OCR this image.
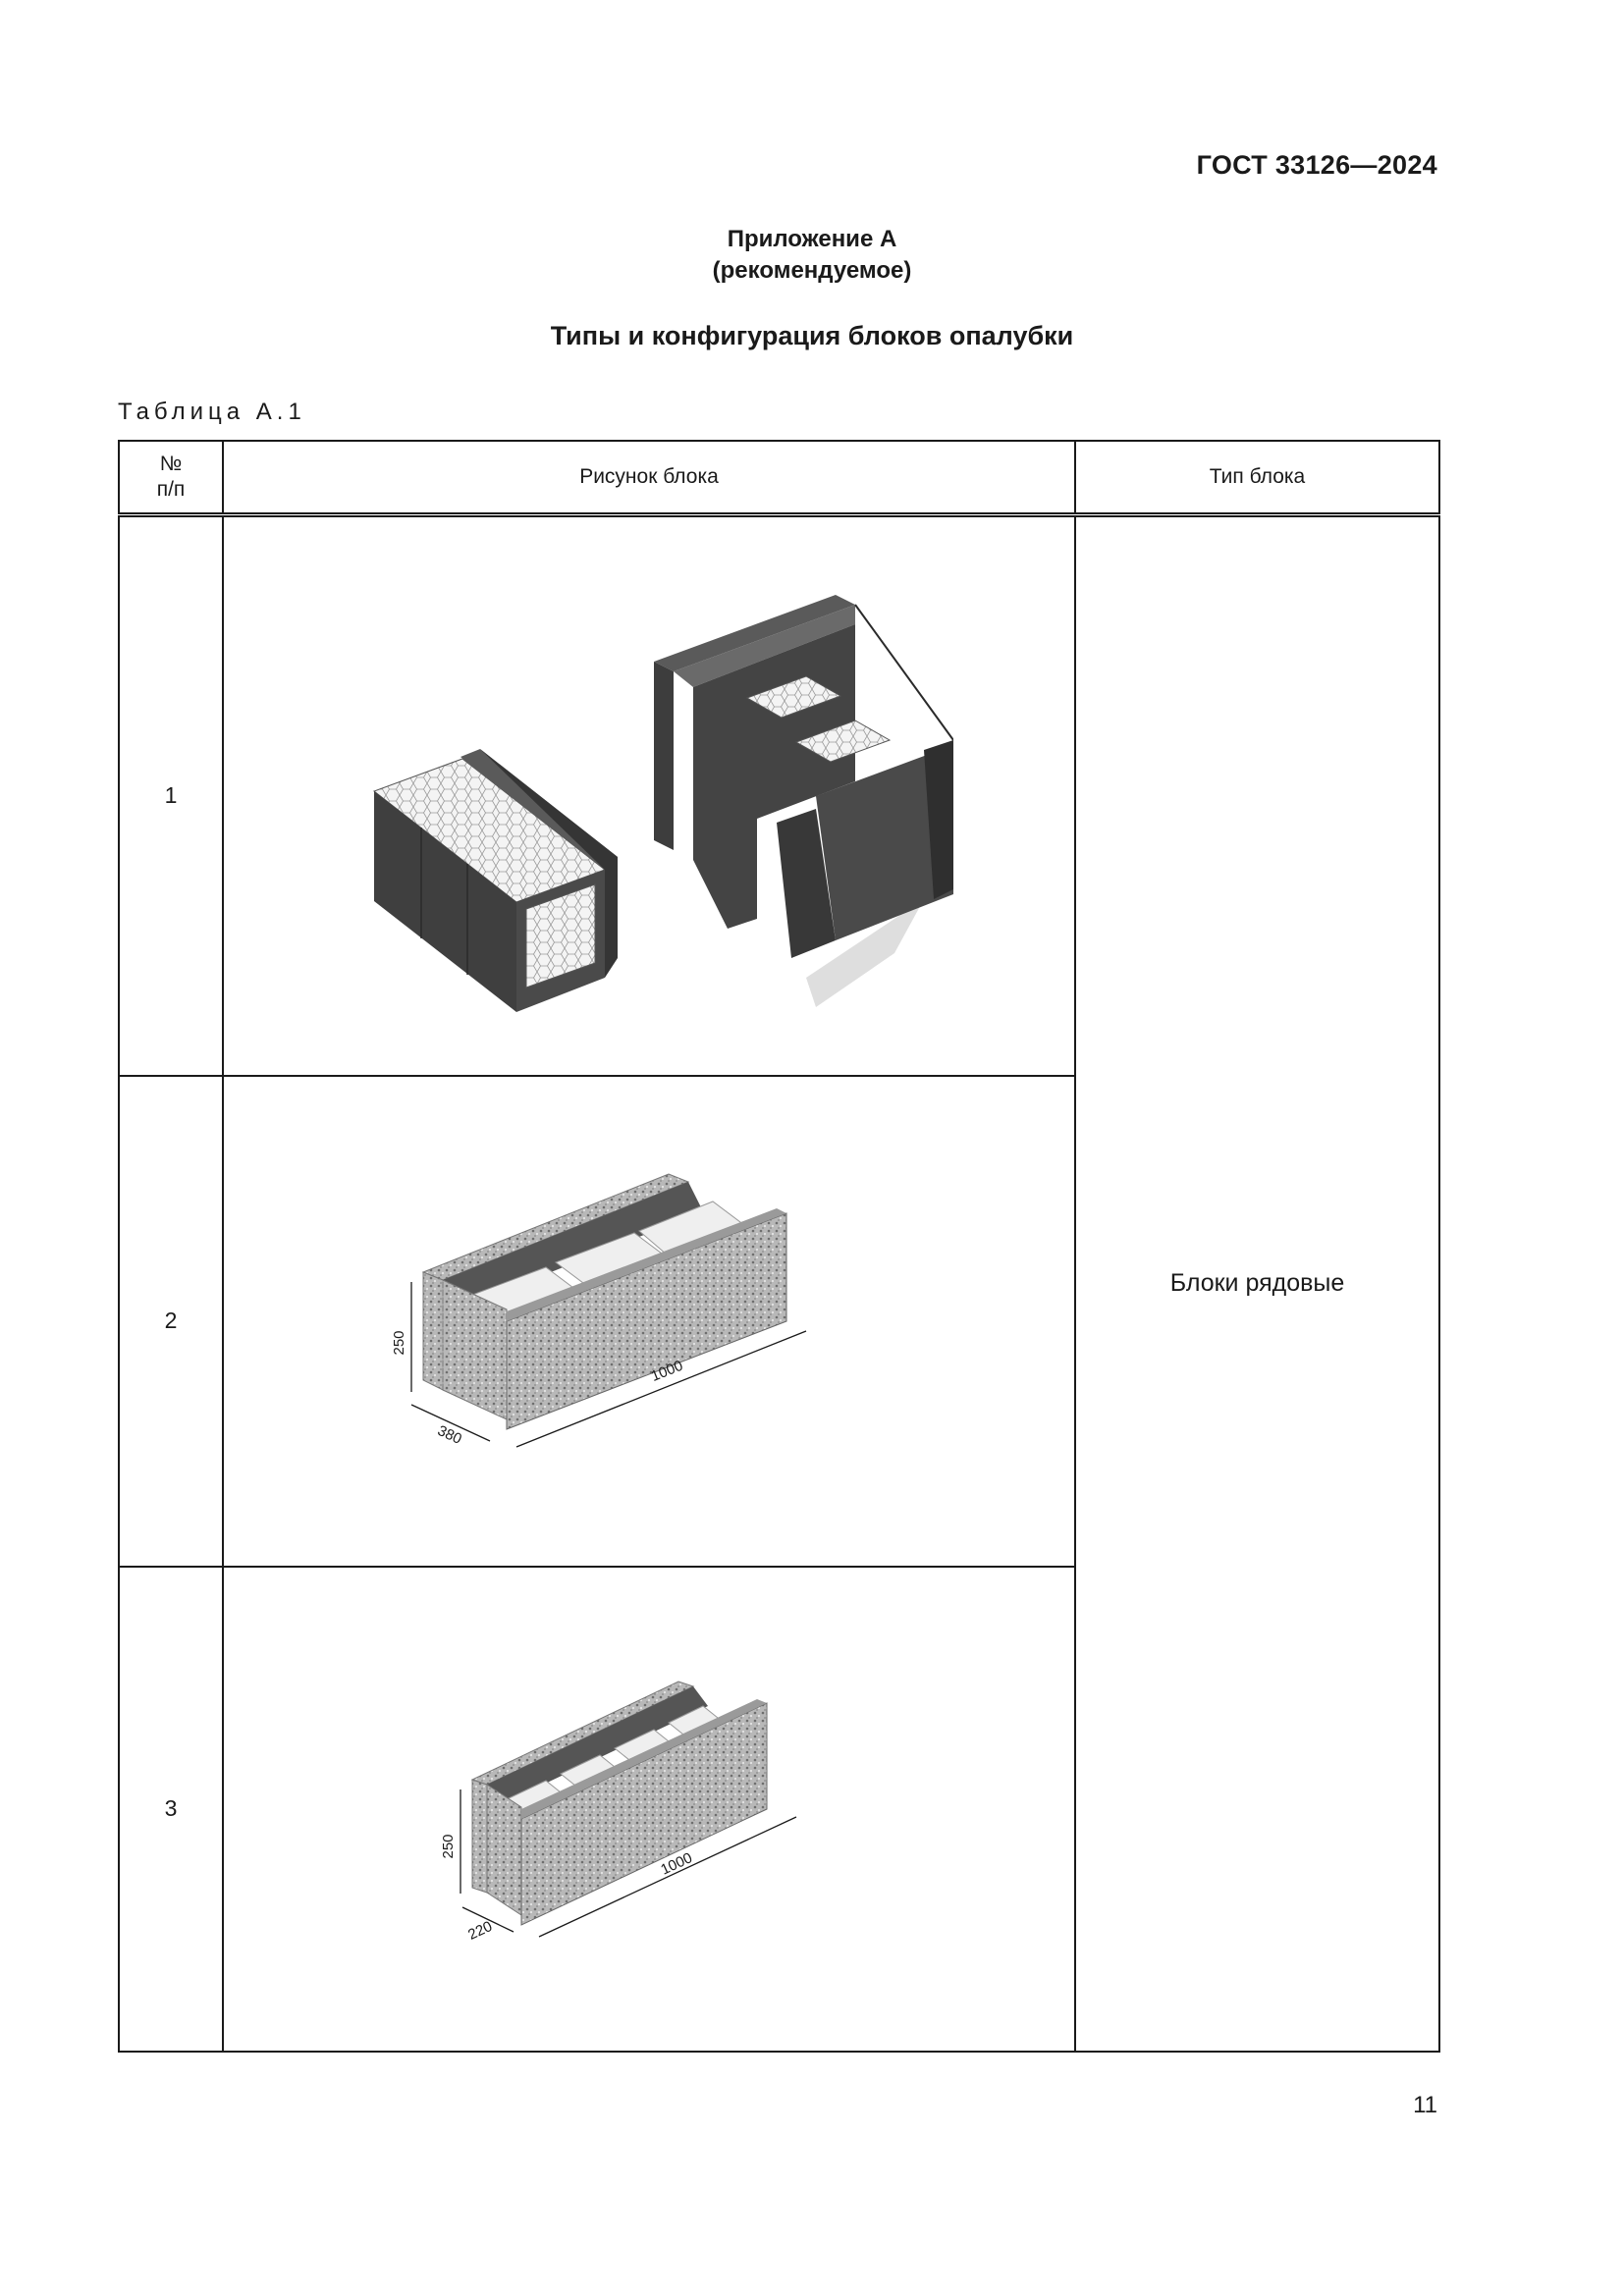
ГОСТ 33126—2024
Приложение А
(рекомендуемое)
Типы и конфигурация блоков опалубки
Таблица А.1
№
п/п	Рисунок блока	Тип блока
1		Блоки рядовые
2	250
380
1000	

3	250
220
1000	
11
